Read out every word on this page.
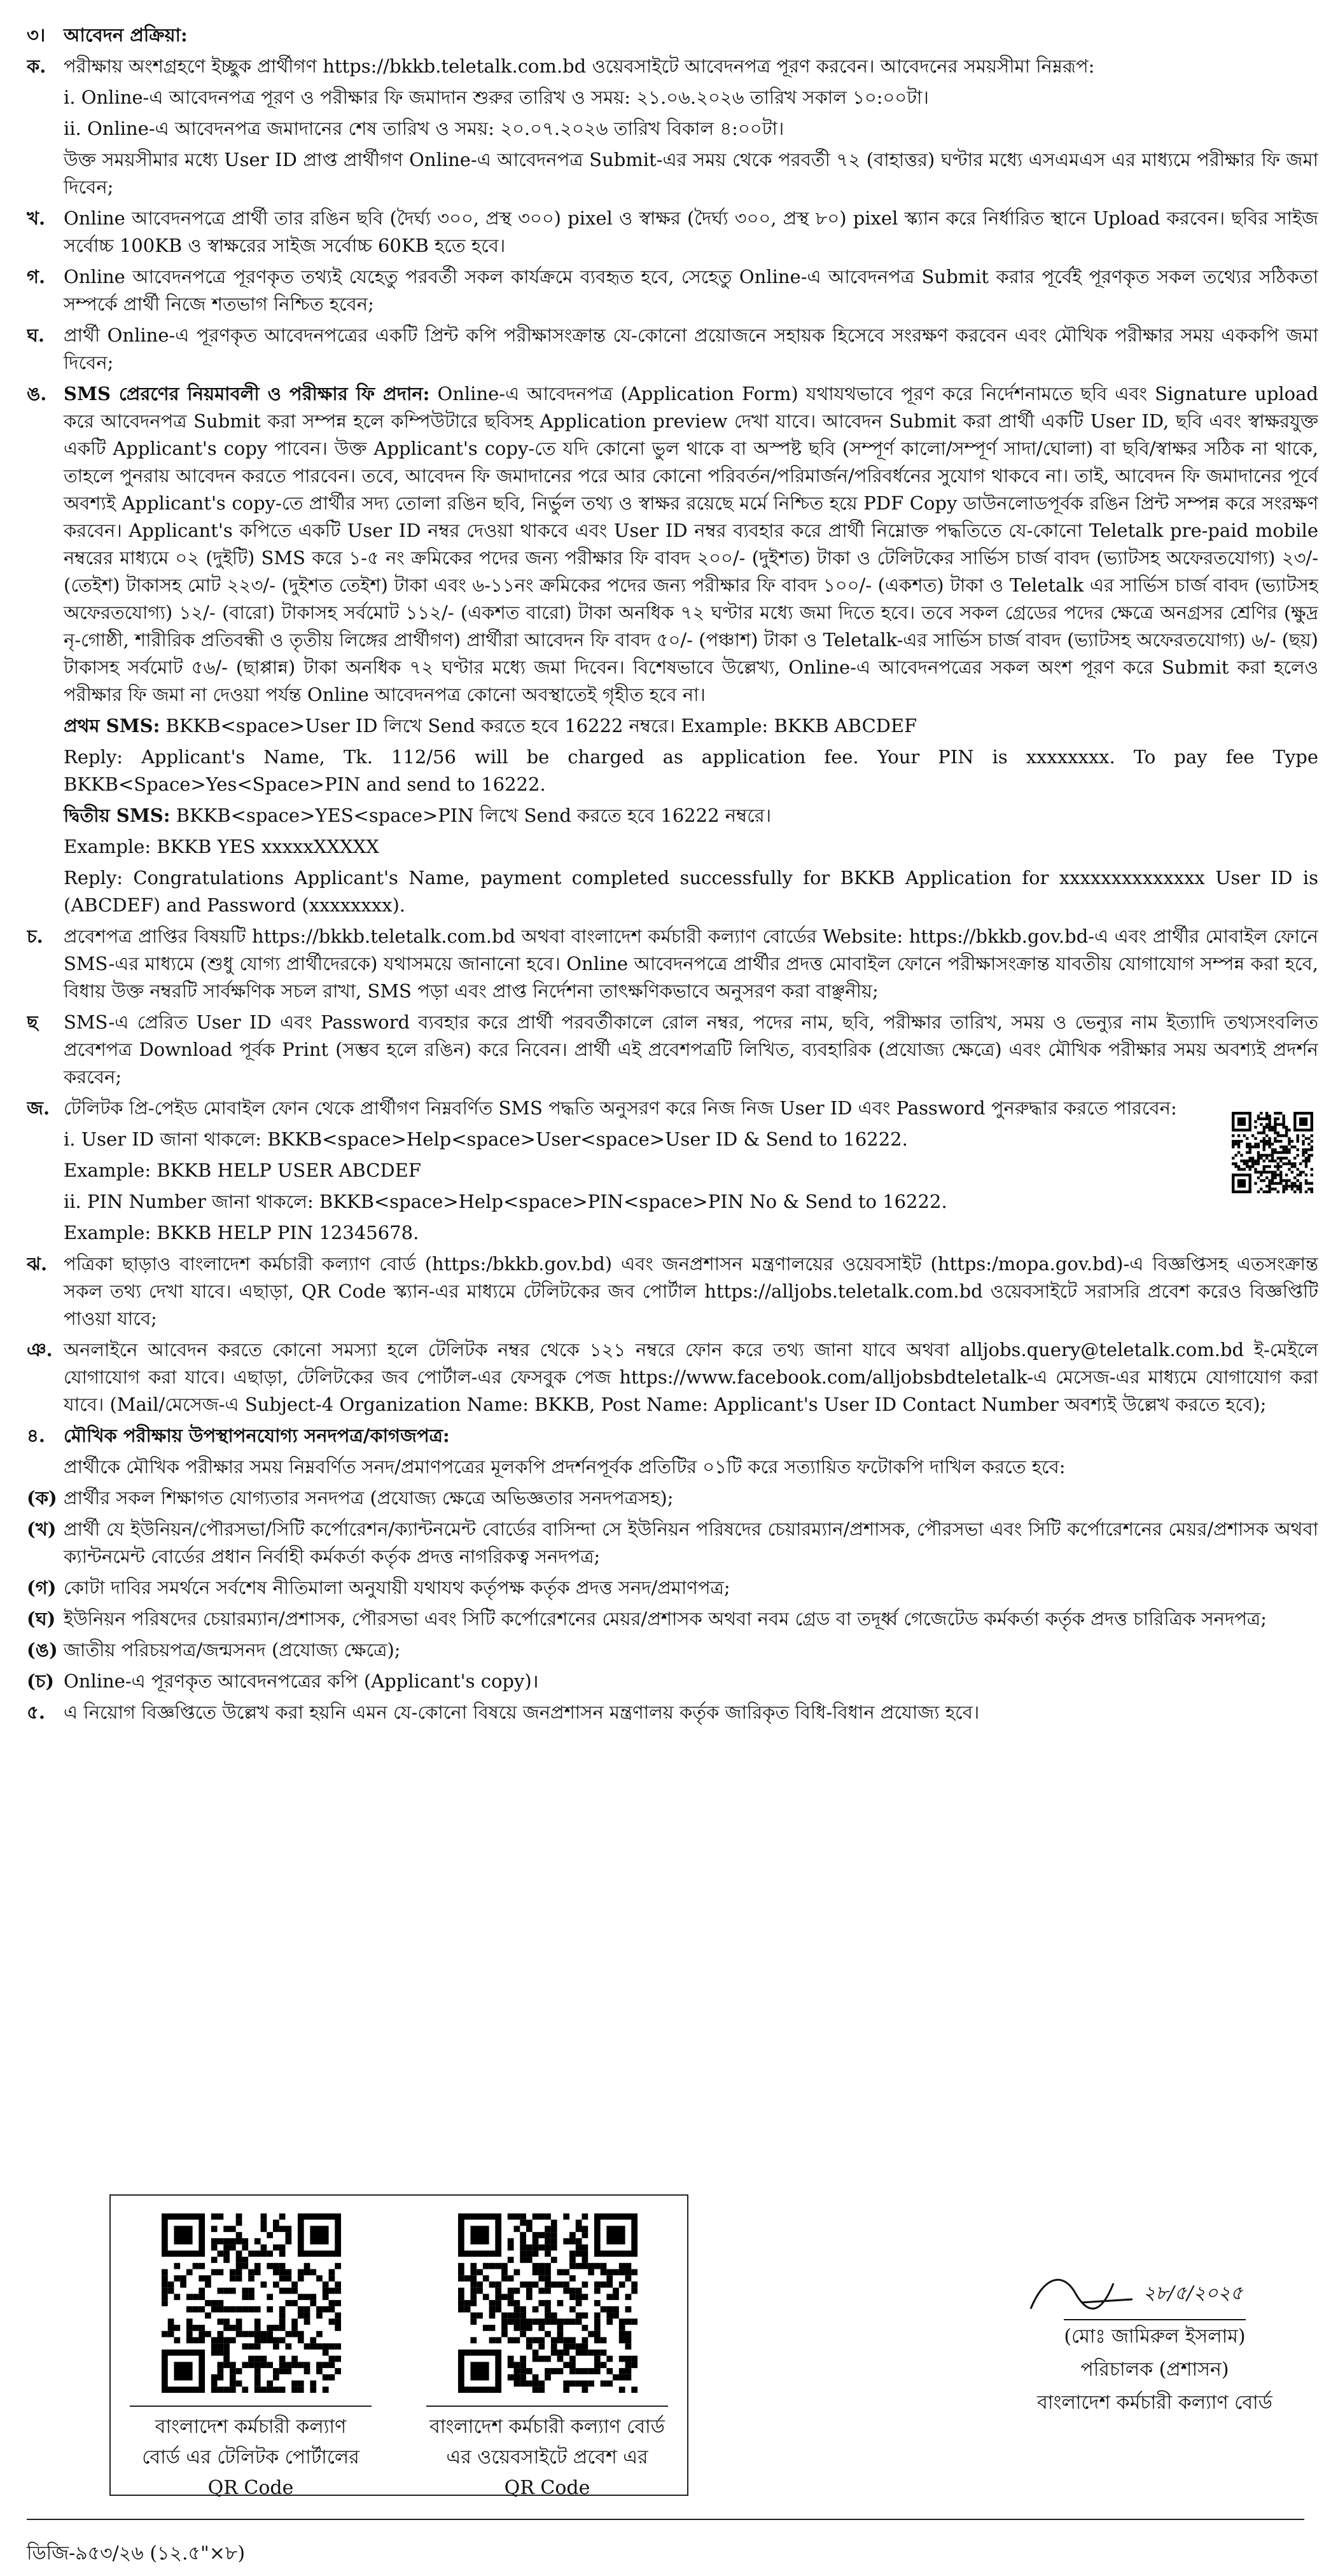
৩। আবেদন প্রক্রিয়া:
ক. পরীক্ষায় অংশগ্রহণে ইচ্ছুক প্রার্থীগণ https://bkkb.teletalk.com.bd ওয়েবসাইটে আবেদনপত্র পূরণ করবেন। আবেদনের সময়সীমা নিম্নরূপ:
i. Online-এ আবেদনপত্র পূরণ ও পরীক্ষার ফি জমাদান শুরুর তারিখ ও সময়: ২১.০৬.২০২৬ তারিখ সকাল ১০:০০টা।
ii. Online-এ আবেদনপত্র জমাদানের শেষ তারিখ ও সময়: ২০.০৭.২০২৬ তারিখ বিকাল ৪:০০টা।
উক্ত সময়সীমার মধ্যে User ID প্রাপ্ত প্রার্থীগণ Online-এ আবেদনপত্র Submit-এর সময় থেকে পরবর্তী ৭২ (বাহাত্তর) ঘণ্টার মধ্যে এসএমএস এর মাধ্যমে পরীক্ষার ফি জমা দিবেন;
খ. Online আবেদনপত্রে প্রার্থী তার রঙিন ছবি (দৈর্ঘ্য ৩০০, প্রস্থ ৩০০) pixel ও স্বাক্ষর (দৈর্ঘ্য ৩০০, প্রস্থ ৮০) pixel স্ক্যান করে নির্ধারিত স্থানে Upload করবেন। ছবির সাইজ সর্বোচ্চ 100KB ও স্বাক্ষরের সাইজ সর্বোচ্চ 60KB হতে হবে।
গ. Online আবেদনপত্রে পূরণকৃত তথ্যই যেহেতু পরবর্তী সকল কার্যক্রমে ব্যবহৃত হবে, সেহেতু Online-এ আবেদনপত্র Submit করার পূর্বেই পূরণকৃত সকল তথ্যের সঠিকতা সম্পর্কে প্রার্থী নিজে শতভাগ নিশ্চিত হবেন;
ঘ.	প্রার্থী Online-এ পূরণকৃত আবেদনপত্রের একটি প্রিন্ট কপি পরীক্ষাসংক্রান্ত যে-কোনো প্রয়োজনে সহায়ক হিসেবে সংরক্ষণ করবেন এবং মৌখিক পরীক্ষার সময় এককপি জমা দিবেন;
ঙ. SMS প্রেরণের নিয়মাবলী ও পরীক্ষার ফি প্রদান: Online-এ আবেদনপত্র (Application Form) যথাযথভাবে পূরণ করে নির্দেশনামতে ছবি এবং Signature upload করে আবেদনপত্র Submit করা সম্পন্ন হলে কম্পিউটারে ছবিসহ Application preview দেখা যাবে। আবেদন Submit করা প্রার্থী একটি User ID, ছবি এবং স্বাক্ষরযুক্ত একটি Applicant's copy পাবেন। উক্ত Applicant's copy-তে যদি কোনো ভুল থাকে বা অস্পষ্ট ছবি (সম্পূর্ণ কালো/সম্পূর্ণ সাদা/ঘোলা) বা ছবি/স্বাক্ষর সঠিক না থাকে, তাহলে পুনরায় আবেদন করতে পারবেন। তবে, আবেদন ফি জমাদানের পরে আর কোনো পরিবর্তন/পরিমার্জন/পরিবর্ধনের সুযোগ থাকবে না। তাই, আবেদন ফি জমাদানের পূর্বে অবশ্যই Applicant's copy-তে প্রার্থীর সদ্য তোলা রঙিন ছবি, নির্ভুল তথ্য ও স্বাক্ষর রয়েছে মর্মে নিশ্চিত হয়ে PDF Copy ডাউনলোডপূর্বক রঙিন প্রিন্ট সম্পন্ন করে সংরক্ষণ করবেন। Applicant's কপিতে একটি User ID নম্বর দেওয়া থাকবে এবং User ID নম্বর ব্যবহার করে প্রার্থী নিম্নোক্ত পদ্ধতিতে যে-কোনো Teletalk pre-paid mobile নম্বরের মাধ্যমে ০২ (দুইটি) SMS করে ১-৫ নং ক্রমিকের পদের জন্য পরীক্ষার ফি বাবদ ২০০/- (দুইশত) টাকা ও টেলিটকের সার্ভিস চার্জ বাবদ (ভ্যাটসহ অফেরতযোগ্য) ২৩/- (তেইশ) টাকাসহ মোট ২২৩/- (দুইশত তেইশ) টাকা এবং ৬-১১নং ক্রমিকের পদের জন্য পরীক্ষার ফি বাবদ ১০০/- (একশত) টাকা ও Teletalk এর সার্ভিস চার্জ বাবদ (ভ্যাটসহ অফেরতযোগ্য) ১২/- (বারো) টাকাসহ সর্বমোট ১১২/- (একশত বারো) টাকা অনধিক ৭২ ঘণ্টার মধ্যে জমা দিতে হবে। তবে সকল গ্রেডের পদের ক্ষেত্রে অনগ্রসর শ্রেণির (ক্ষুদ্র নৃ-গোষ্ঠী, শারীরিক প্রতিবন্ধী ও তৃতীয় লিঙ্গের প্রার্থীগণ) প্রার্থীরা আবেদন ফি বাবদ ৫০/- (পঞ্চাশ) টাকা ও Teletalk-এর সার্ভিস চার্জ বাবদ (ভ্যাটসহ অফেরতযোগ্য) ৬/- (ছয়) টাকাসহ সর্বমোট ৫৬/- (ছাপ্পান্ন) টাকা অনধিক ৭২ ঘণ্টার মধ্যে জমা দিবেন। বিশেষভাবে উল্লেখ্য, Online-এ আবেদনপত্রের সকল অংশ পূরণ করে Submit করা হলেও পরীক্ষার ফি জমা না দেওয়া পর্যন্ত Online আবেদনপত্র কোনো অবস্থাতেই গৃহীত হবে না।
প্রথম SMS: BKKB<space>User ID লিখে Send করতে হবে 16222 নম্বরে। Example: BKKB ABCDEF
Reply: Applicant's Name, Tk. 112/56 will be charged as application fee. Your PIN is xxxxxxxx. To pay fee Type BKKB<Space>Yes<Space>PIN and send to 16222.
দ্বিতীয় SMS: BKKB<space>YES<space>PIN লিখে Send করতে হবে 16222 নম্বরে।
Example: BKKB YES xxxxxXXXXX
Reply: Congratulations Applicant's Name, payment completed successfully for BKKB Application for xxxxxxxxxxxxxx User ID is (ABCDEF) and Password (xxxxxxxx).
চ.	প্রবেশপত্র প্রাপ্তির বিষয়টি https://bkkb.teletalk.com.bd অথবা বাংলাদেশ কর্মচারী কল্যাণ বোর্ডের Website: https://bkkb.gov.bd-এ এবং প্রার্থীর মোবাইল ফোনে SMS-এর মাধ্যমে (শুধু যোগ্য প্রার্থীদেরকে) যথাসময়ে জানানো হবে। Online আবেদনপত্রে প্রার্থীর প্রদত্ত মোবাইল ফোনে পরীক্ষাসংক্রান্ত যাবতীয় যোগাযোগ সম্পন্ন করা হবে, বিধায় উক্ত নম্বরটি সার্বক্ষণিক সচল রাখা, SMS পড়া এবং প্রাপ্ত নির্দেশনা তাৎক্ষণিকভাবে অনুসরণ করা বাঞ্ছনীয়;
ছ	SMS-এ প্রেরিত User ID এবং Password ব্যবহার করে প্রার্থী পরবর্তীকালে রোল নম্বর, পদের নাম, ছবি, পরীক্ষার তারিখ, সময় ও ভেন্যুর নাম ইত্যাদি তথ্যসংবলিত প্রবেশপত্র Download পূর্বক Print (সম্ভব হলে রঙিন) করে নিবেন। প্রার্থী এই প্রবেশপত্রটি লিখিত, ব্যবহারিক (প্রযোজ্য ক্ষেত্রে) এবং মৌখিক পরীক্ষার সময় অবশ্যই প্রদর্শন করবেন;
জ. টেলিটক প্রি-পেইড মোবাইল ফোন থেকে প্রার্থীগণ নিম্নবর্ণিত SMS পদ্ধতি অনুসরণ করে নিজ নিজ User ID এবং Password পুনরুদ্ধার করতে পারবেন:
i. User ID জানা থাকলে: BKKB<space>Help<space>User<space>User ID & Send to 16222.
Example: BKKB HELP USER ABCDEF
ii. PIN Number জানা থাকলে: BKKB<space>Help<space>PIN<space>PIN No & Send to 16222.
Example: BKKB HELP PIN 12345678.
ঝ. পত্রিকা ছাড়াও বাংলাদেশ কর্মচারী কল্যাণ বোর্ড (https:/bkkb.gov.bd) এবং জনপ্রশাসন মন্ত্রণালয়ের ওয়েবসাইট (https:/mopa.gov.bd)-এ বিজ্ঞপ্তিসহ এতসংক্রান্ত সকল তথ্য দেখা যাবে। এছাড়া, QR Code স্ক্যান-এর মাধ্যমে টেলিটকের জব পোর্টাল https://alljobs.teletalk.com.bd ওয়েবসাইটে সরাসরি প্রবেশ করেও বিজ্ঞপ্তিটি পাওয়া যাবে;
ঞ. অনলাইনে আবেদন করতে কোনো সমস্যা হলে টেলিটক নম্বর থেকে ১২১ নম্বরে ফোন করে তথ্য জানা যাবে অথবা alljobs.query@teletalk.com.bd ই-মেইলে যোগাযোগ করা যাবে। এছাড়া, টেলিটকের জব পোর্টাল-এর ফেসবুক পেজ https://www.facebook.com/alljobsbdteletalk-এ মেসেজ-এর মাধ্যমে যোগাযোগ করা যাবে। (Mail/মেসেজ-এ Subject-4 Organization Name: BKKB, Post Name: Applicant's User ID Contact Number অবশ্যই উল্লেখ করতে হবে);
৪.	মৌখিক পরীক্ষায় উপস্থাপনযোগ্য সনদপত্র/কাগজপত্র:
প্রার্থীকে মৌখিক পরীক্ষার সময় নিম্নবর্ণিত সনদ/প্রমাণপত্রের মূলকপি প্রদর্শনপূর্বক প্রতিটির ০১টি করে সত্যায়িত ফটোকপি দাখিল করতে হবে:
(ক) প্রার্থীর সকল শিক্ষাগত যোগ্যতার সনদপত্র (প্রযোজ্য ক্ষেত্রে অভিজ্ঞতার সনদপত্রসহ);
(খ) প্রার্থী যে ইউনিয়ন/পৌরসভা/সিটি কর্পোরেশন/ক্যান্টনমেন্ট বোর্ডের বাসিন্দা সে ইউনিয়ন পরিষদের চেয়ারম্যান/প্রশাসক, পৌরসভা এবং সিটি কর্পোরেশনের মেয়র/প্রশাসক অথবা ক্যান্টনমেন্ট বোর্ডের প্রধান নির্বাহী কর্মকর্তা কর্তৃক প্রদত্ত নাগরিকত্ব সনদপত্র;
(গ) কোটা দাবির সমর্থনে সর্বশেষ নীতিমালা অনুযায়ী যথাযথ কর্তৃপক্ষ কর্তৃক প্রদত্ত সনদ/প্রমাণপত্র;
(ঘ) ইউনিয়ন পরিষদের চেয়ারম্যান/প্রশাসক, পৌরসভা এবং সিটি কর্পোরেশনের মেয়র/প্রশাসক অথবা নবম গ্রেড বা তদূর্ধ্ব গেজেটেড কর্মকর্তা কর্তৃক প্রদত্ত চারিত্রিক সনদপত্র;
(ঙ) জাতীয় পরিচয়পত্র/জন্মসনদ (প্রযোজ্য ক্ষেত্রে);
(চ) Online-এ পূরণকৃত আবেদনপত্রের কপি (Applicant's copy)।
৫.	এ নিয়োগ বিজ্ঞপ্তিতে উল্লেখ করা হয়নি এমন যে-কোনো বিষয়ে জনপ্রশাসন মন্ত্রণালয় কর্তৃক জারিকৃত বিধি-বিধান প্রযোজ্য হবে।
বাংলাদেশ কর্মচারী কল্যাণ
বোর্ড এর টেলিটক পোর্টালের
QR Code
বাংলাদেশ কর্মচারী কল্যাণ বোর্ড
এর ওয়েবসাইটে প্রবেশ এর
QR Code
২৮/৫/২০২৫
(মোঃ জামিরুল ইসলাম)
পরিচালক (প্রশাসন)
বাংলাদেশ কর্মচারী কল্যাণ বোর্ড
ডিজি-৯৫৩/২৬ (১২.৫"×৮)
